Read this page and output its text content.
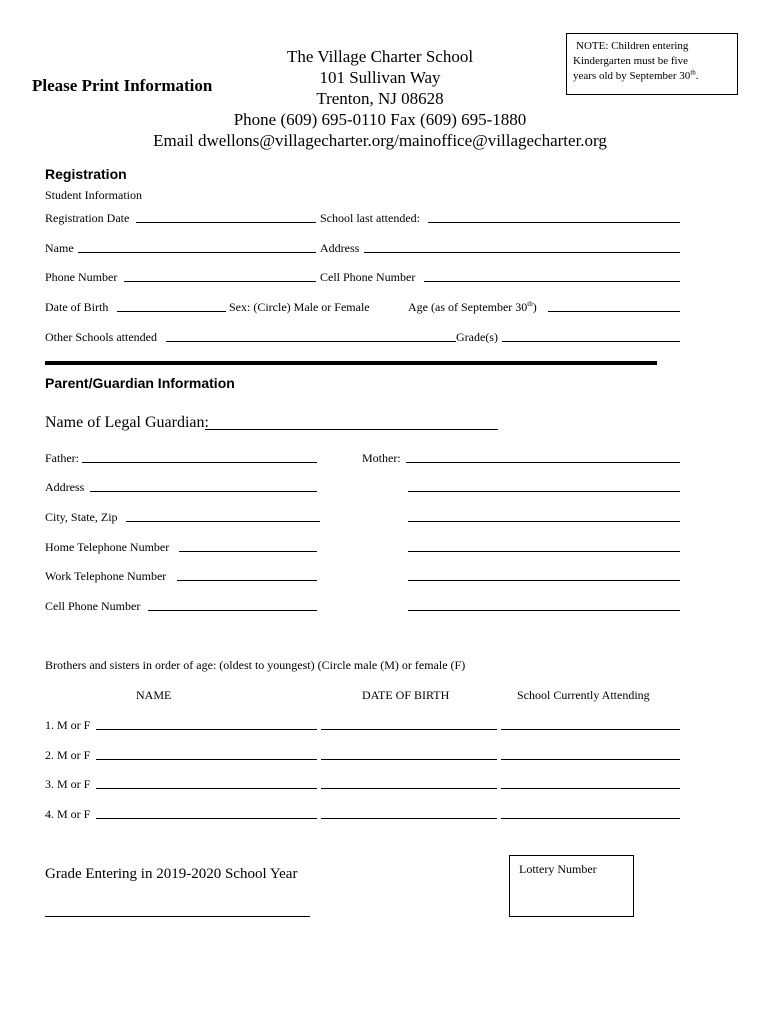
Please Print Information
The Village Charter School
101 Sullivan Way
Trenton, NJ 08628
Phone (609) 695-0110 Fax (609) 695-1880
Email dwellons@villagecharter.org/mainoffice@villagecharter.org
NOTE: Children entering
Kindergarten must be five
years old by September 30th.
Registration
Student Information
Registration Date	School last attended:
Name	Address
Phone Number	Cell Phone Number
Date of Birth	Sex: (Circle) Male or Female	Age (as of September 30th)
Other Schools attended	Grade(s)
Parent/Guardian Information
Name of Legal Guardian:
Father:	Mother:
Address
City, State, Zip
Home Telephone Number
Work Telephone Number
Cell Phone Number
Brothers and sisters in order of age: (oldest to youngest) (Circle male (M) or female (F)
NAME	DATE OF BIRTH	School Currently Attending
1. M or F
2. M or F
3. M or F
4. M or F
Grade Entering in 2019-2020 School Year	Lottery Number
